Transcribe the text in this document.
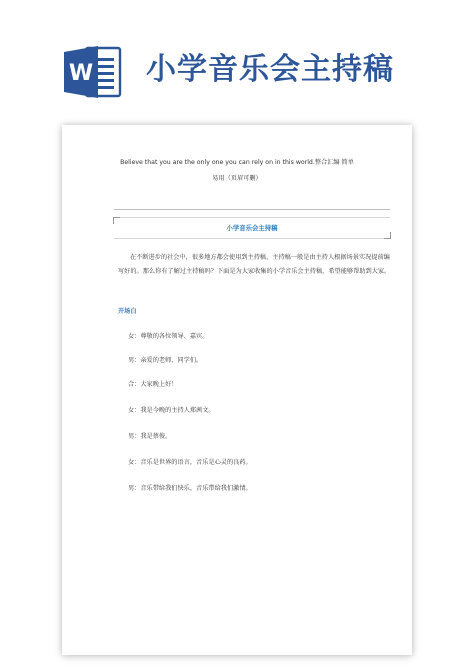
W 小学音乐会主持稿
Believe that you are the only one you can rely on in this world.整合汇编 简单
易用（页眉可删）
小学音乐会主持稿
在不断进步的社会中，很多地方都会使用到主持稿，主持稿一般是由主持人根据场景实况提前编写好的。那么你有了解过主持稿吗？下面是为大家收集的小学音乐会主持稿，希望能够帮助到大家。
开场白
女：尊敬的各位领导、嘉宾。
男：亲爱的老师、同学们。
合：大家晚上好！
女：我是今晚的主持人郑茜文。
男：我是蔡俊。
女：音乐是世界的语言，音乐是心灵的良药。
男：音乐带给我们快乐，音乐带给我们激情。
